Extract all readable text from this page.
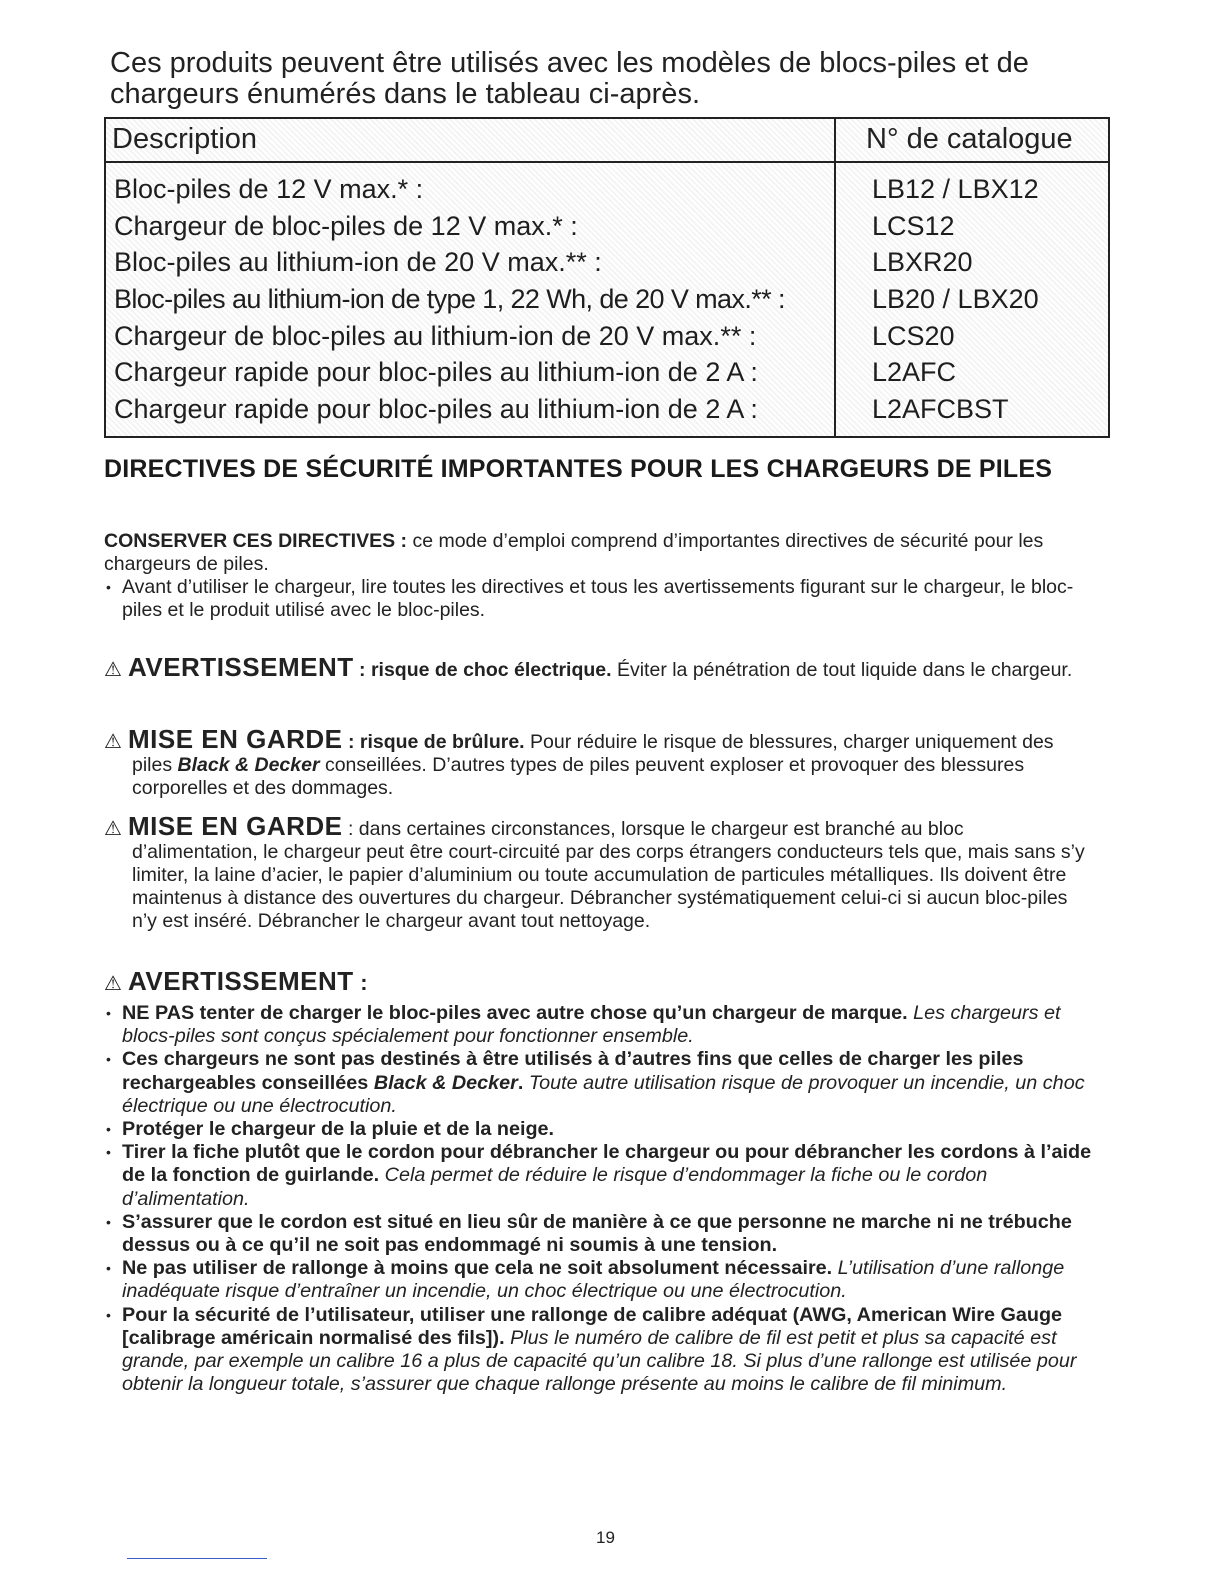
Ces produits peuvent être utilisés avec les modèles de blocs-piles et de chargeurs énumérés dans le tableau ci-après.

Description	N° de catalogue
Bloc-piles de 12 V max.* :	LB12 / LBX12
Chargeur de bloc-piles de 12 V max.* :	LCS12
Bloc-piles au lithium-ion de 20 V max.** :	LBXR20
Bloc-piles au lithium-ion de type 1, 22 Wh, de 20 V max.** :	LB20 / LBX20
Chargeur de bloc-piles au lithium-ion de 20 V max.** :	LCS20
Chargeur rapide pour bloc-piles au lithium-ion de 2 A :	L2AFC
Chargeur rapide pour bloc-piles au lithium-ion de 2 A :	L2AFCBST
DIRECTIVES DE SÉCURITÉ IMPORTANTES POUR LES CHARGEURS DE PILES

CONSERVER CES DIRECTIVES : ce mode d’emploi comprend d’importantes directives de sécurité pour les chargeurs de piles.

• Avant d’utiliser le chargeur, lire toutes les directives et tous les avertissements figurant sur le chargeur, le bloc-piles et le produit utilisé avec le bloc-piles.

⚠ AVERTISSEMENT : risque de choc électrique. Éviter la pénétration de tout liquide dans le chargeur.

⚠ MISE EN GARDE : risque de brûlure. Pour réduire le risque de blessures, charger uniquement des piles Black & Decker conseillées. D’autres types de piles peuvent exploser et provoquer des blessures corporelles et des dommages.

⚠ MISE EN GARDE : dans certaines circonstances, lorsque le chargeur est branché au bloc d’alimentation, le chargeur peut être court-circuité par des corps étrangers conducteurs tels que, mais sans s’y limiter, la laine d’acier, le papier d’aluminium ou toute accumulation de particules métalliques. Ils doivent être maintenus à distance des ouvertures du chargeur. Débrancher systématiquement celui-ci si aucun bloc-piles n’y est inséré. Débrancher le chargeur avant tout nettoyage.

⚠ AVERTISSEMENT :

• NE PAS tenter de charger le bloc-piles avec autre chose qu’un chargeur de marque. Les chargeurs et blocs-piles sont conçus spécialement pour fonctionner ensemble.
• Ces chargeurs ne sont pas destinés à être utilisés à d’autres fins que celles de charger les piles rechargeables conseillées Black & Decker. Toute autre utilisation risque de provoquer un incendie, un choc électrique ou une électrocution.
• Protéger le chargeur de la pluie et de la neige.
• Tirer la fiche plutôt que le cordon pour débrancher le chargeur ou pour débrancher les cordons à l’aide de la fonction de guirlande. Cela permet de réduire le risque d’endommager la fiche ou le cordon d’alimentation.
• S’assurer que le cordon est situé en lieu sûr de manière à ce que personne ne marche ni ne trébuche dessus ou à ce qu’il ne soit pas endommagé ni soumis à une tension.
• Ne pas utiliser de rallonge à moins que cela ne soit absolument nécessaire. L’utilisation d’une rallonge inadéquate risque d’entraîner un incendie, un choc électrique ou une électrocution.
• Pour la sécurité de l’utilisateur, utiliser une rallonge de calibre adéquat (AWG, American Wire Gauge [calibrage américain normalisé des fils]). Plus le numéro de calibre de fil est petit et plus sa capacité est grande, par exemple un calibre 16 a plus de capacité qu’un calibre 18. Si plus d’une rallonge est utilisée pour obtenir la longueur totale, s’assurer que chaque rallonge présente au moins le calibre de fil minimum.
19
